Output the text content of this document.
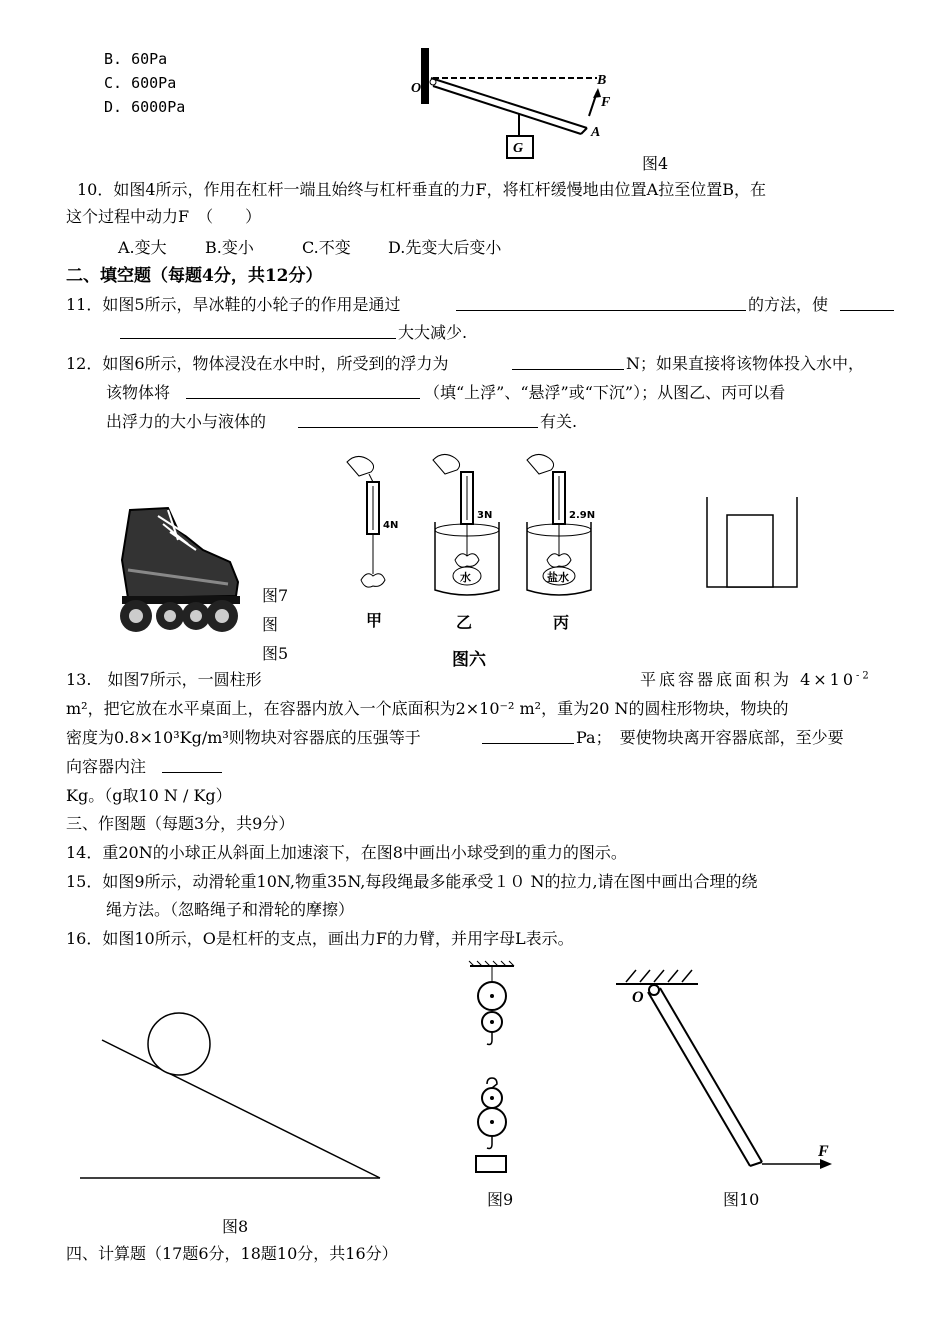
B. 60Pa
C. 600Pa
D. 6000Pa
O
B
F
A
G
图4
10．如图4所示，作用在杠杆一端且始终与杠杆垂直的力F，将杠杆缓慢地由位置A拉至位置B，在
这个过程中动力F　（　　）
A.变大 B.变小	C.不变 D.先变大后变小
二、填空题（每题4分，共12分）
11．如图5所示，旱冰鞋的小轮子的作用是通过	的方法，使
大大减少.
12．如图6所示，物体浸没在水中时，所受到的浮力为	N；如果直接将该物体投入水中，
该物体将	（填“上浮”、“悬浮”或“下沉”）；从图乙、丙可以看
出浮力的大小与液体的	有关.
图7
图
图5
4N
3N
水
2.9N
盐水
甲	乙	丙
图六
13.　如图7所示，一圆柱形	平底容器底面积为 $4\times 10^{-2}$
m²，把它放在水平桌面上，在容器内放入一个底面积为2×10⁻² m²，重为20 N的圆柱形物块，物块的
密度为0.8×10³Kg/m³则物块对容器底的压强等于	Pa；　要使物块离开容器底部，至少要
向容器内注
Kg。（g取10 N / Kg）
三、作图题（每题3分，共9分）
14．重20N的小球正从斜面上加速滚下，在图8中画出小球受到的重力的图示。
15．如图9所示，动滑轮重10N,物重35N,每段绳最多能承受１０ N的拉力,请在图中画出合理的绕
绳方法。（忽略绳子和滑轮的摩擦）
16．如图10所示，O是杠杆的支点，画出力F的力臂，并用字母L表示。
图8
图9
O
F
图10
四、计算题（17题6分，18题10分，共16分）
